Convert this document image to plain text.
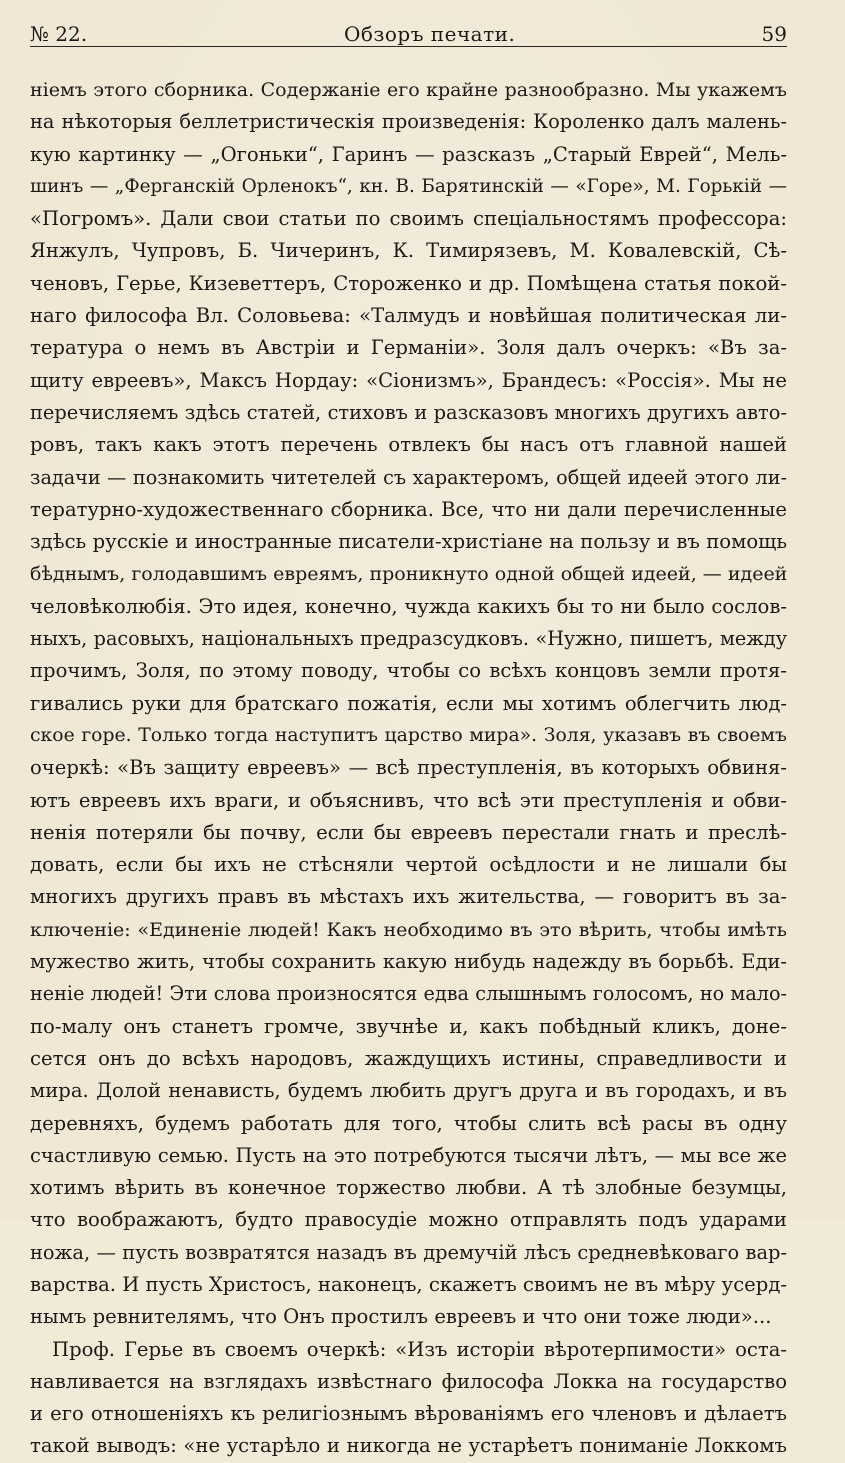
№ 22.	Обзоръ печати.	59
ніемъ этого сборника. Содержаніе его крайне разнообразно. Мы укажемъ
на нѣкоторыя беллетристическія произведенія: Короленко далъ малень-
кую картинку — „Огоньки“, Гаринъ — разсказъ „Старый Еврей“, Мель-
шинъ — „Ферганскій Орленокъ“, кн. В. Барятинскій — «Горе», М. Горькій —
«Погромъ». Дали свои статьи по своимъ спеціальностямъ профессора:
Янжулъ, Чупровъ, Б. Чичеринъ, К. Тимирязевъ, М. Ковалевскій, Сѣ-
ченовъ, Герье, Кизеветтеръ, Стороженко и др. Помѣщена статья покой-
наго философа Вл. Соловьева: «Талмудъ и новѣйшая политическая ли-
тература о немъ въ Австріи и Германіи». Золя далъ очеркъ: «Въ за-
щиту евреевъ», Максъ Нордау: «Сіонизмъ», Брандесъ: «Россія». Мы не
перечисляемъ здѣсь статей, стиховъ и разсказовъ многихъ другихъ авто-
ровъ, такъ какъ этотъ перечень отвлекъ бы насъ отъ главной нашей
задачи — познакомить читетелей съ характеромъ, общей идеей этого ли-
тературно-художественнаго сборника. Все, что ни дали перечисленные
здѣсь русскіе и иностранные писатели-христіане на пользу и въ помощь
бѣднымъ, голодавшимъ евреямъ, проникнуто одной общей идеей, — идеей
человѣколюбія. Это идея, конечно, чужда какихъ бы то ни было сослов-
ныхъ, расовыхъ, національныхъ предразсудковъ. «Нужно, пишетъ, между
прочимъ, Золя, по этому поводу, чтобы со всѣхъ концовъ земли протя-
гивались руки для братскаго пожатія, если мы хотимъ облегчить люд-
ское горе. Только тогда наступитъ царство мира». Золя, указавъ въ своемъ
очеркѣ: «Въ защиту евреевъ» — всѣ преступленія, въ которыхъ обвиня-
ютъ евреевъ ихъ враги, и объяснивъ, что всѣ эти преступленія и обви-
ненія потеряли бы почву, если бы евреевъ перестали гнать и преслѣ-
довать, если бы ихъ не стѣсняли чертой осѣдлости и не лишали бы
многихъ другихъ правъ въ мѣстахъ ихъ жительства, — говоритъ въ за-
ключеніе: «Единеніе людей! Какъ необходимо въ это вѣрить, чтобы имѣть
мужество жить, чтобы сохранить какую нибудь надежду въ борьбѣ. Еди-
неніе людей! Эти слова произносятся едва слышнымъ голосомъ, но мало-
по-малу онъ станетъ громче, звучнѣе и, какъ побѣдный кликъ, доне-
сется онъ до всѣхъ народовъ, жаждущихъ истины, справедливости и
мира. Долой ненависть, будемъ любить другъ друга и въ городахъ, и въ
деревняхъ, будемъ работать для того, чтобы слить всѣ расы въ одну
счастливую семью. Пусть на это потребуются тысячи лѣтъ, — мы все же
хотимъ вѣрить въ конечное торжество любви. А тѣ злобные безумцы,
что воображаютъ, будто правосудіе можно отправлять подъ ударами
ножа, — пусть возвратятся назадъ въ дремучій лѣсъ средневѣковаго вар-
варства. И пусть Христосъ, наконецъ, скажетъ своимъ не въ мѣру усерд-
нымъ ревнителямъ, что Онъ простилъ евреевъ и что они тоже люди»...
Проф. Герье въ своемъ очеркѣ: «Изъ исторіи вѣротерпимости» оста-
навливается на взглядахъ извѣстнаго философа Локка на государство
и его отношеніяхъ къ религіознымъ вѣрованіямъ его членовъ и дѣлаетъ
такой выводъ: «не устарѣло и никогда не устарѣетъ пониманіе Локкомъ
